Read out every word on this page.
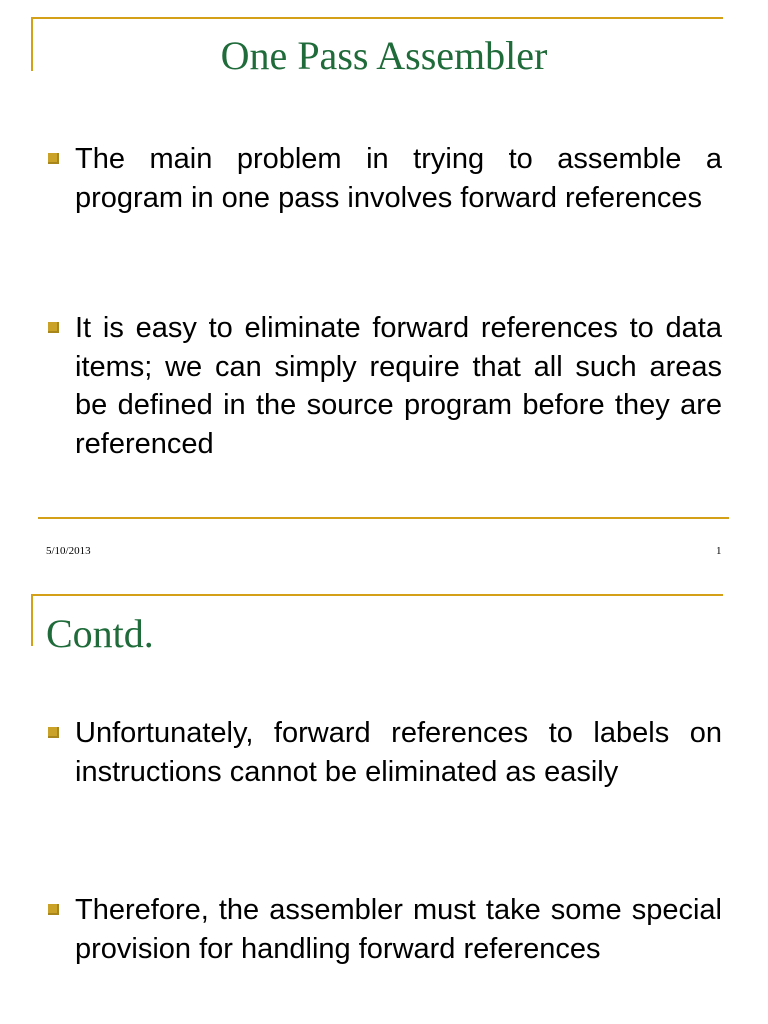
One Pass Assembler

The main problem in trying to assemble a program in one pass involves forward references

It is easy to eliminate forward references to data items; we can simply require that all such areas be defined in the source program before they are referenced

5/10/2013	1
Contd.

Unfortunately, forward references to labels on instructions cannot be eliminated as easily

Therefore, the assembler must take some special provision for handling forward references
